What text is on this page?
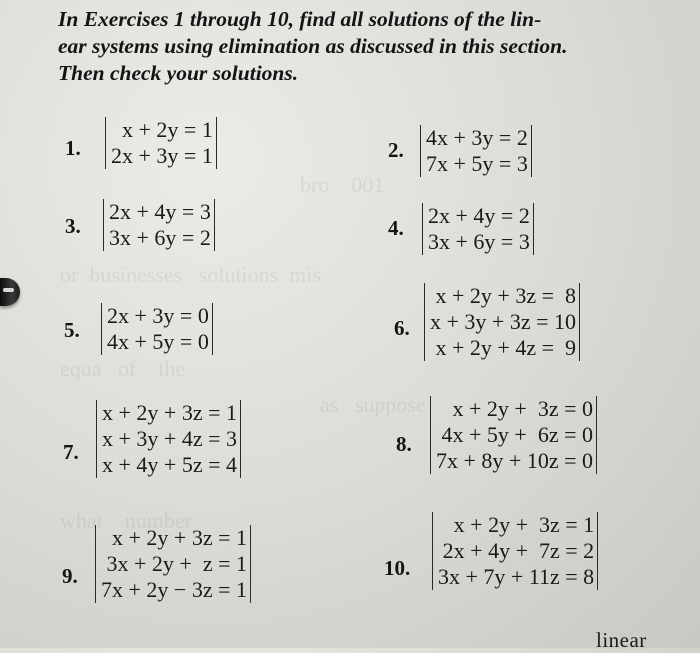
bro    001
or  businesses   solutions  mis
equa   of    the
as   suppose
what    number
In Exercises 1 through 10, find all solutions of the lin-
ear systems using elimination as discussed in this section.
Then check your solutions.
1.
x + 2y = 1
2x + 3y = 1	2. 4x + 3y = 2
7x + 5y = 3
3.
2x + 4y = 3
3x + 6y = 2	4. 2x + 4y = 2
3x + 6y = 3
5.
2x + 3y = 0
4x + 5y = 0
6.
x + 2y + 3z =  8
x + 3y + 3z = 10
x + 2y + 4z =  9
7.
x + 2y + 3z = 1
x + 3y + 4z = 3
x + 4y + 5z = 4
8.
x + 2y +  3z = 0
4x + 5y +  6z = 0
7x + 8y + 10z = 0
9.
x + 2y + 3z = 1
3x + 2y +  z = 1
7x + 2y − 3z = 1
10.
x + 2y +  3z = 1
2x + 4y +  7z = 2
3x + 7y + 11z = 8
linear
